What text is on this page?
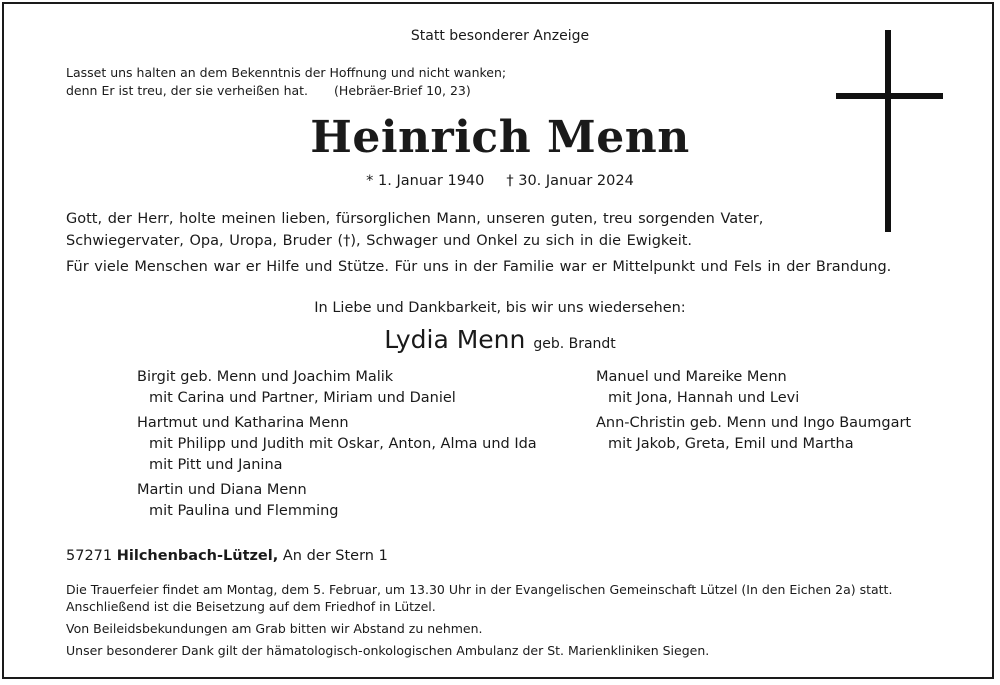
Statt besonderer Anzeige
Lasset uns halten an dem Bekenntnis der Hoffnung und nicht wanken;
denn Er ist treu, der sie verheißen hat. (Hebräer-Brief 10, 23)
Heinrich Menn
* 1. Januar 1940 † 30. Januar 2024
Gott, der Herr, holte meinen lieben, fürsorglichen Mann, unseren guten, treu sorgenden Vater,
Schwiegervater, Opa, Uropa, Bruder (†), Schwager und Onkel zu sich in die Ewigkeit.
Für viele Menschen war er Hilfe und Stütze. Für uns in der Familie war er Mittelpunkt und Fels in der Brandung.
In Liebe und Dankbarkeit, bis wir uns wiedersehen:
Lydia Menn geb. Brandt
Birgit geb. Menn und Joachim Malik
mit Carina und Partner, Miriam und Daniel
Hartmut und Katharina Menn
mit Philipp und Judith mit Oskar, Anton, Alma und Ida
mit Pitt und Janina
Martin und Diana Menn
mit Paulina und Flemming
Manuel und Mareike Menn
mit Jona, Hannah und Levi
Ann-Christin geb. Menn und Ingo Baumgart
mit Jakob, Greta, Emil und Martha
57271 Hilchenbach-Lützel, An der Stern 1
Die Trauerfeier findet am Montag, dem 5. Februar, um 13.30 Uhr in der Evangelischen Gemeinschaft Lützel (In den Eichen 2a) statt.
Anschließend ist die Beisetzung auf dem Friedhof in Lützel.
Von Beileidsbekundungen am Grab bitten wir Abstand zu nehmen.
Unser besonderer Dank gilt der hämatologisch-onkologischen Ambulanz der St. Marienkliniken Siegen.
